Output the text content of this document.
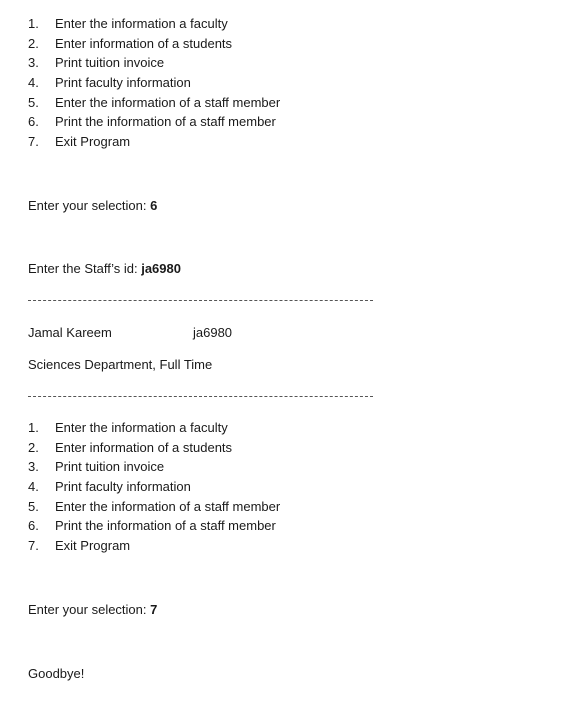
1. Enter the information a faculty
2. Enter information of a students
3. Print tuition invoice
4. Print faculty information
5. Enter the information of a staff member
6. Print the information of a staff member
7. Exit Program
Enter your selection: 6
Enter the Staff’s id: ja6980
Jamal Kareem	ja6980
Sciences Department, Full Time
1. Enter the information a faculty
2. Enter information of a students
3. Print tuition invoice
4. Print faculty information
5. Enter the information of a staff member
6. Print the information of a staff member
7. Exit Program
Enter your selection: 7
Goodbye!
